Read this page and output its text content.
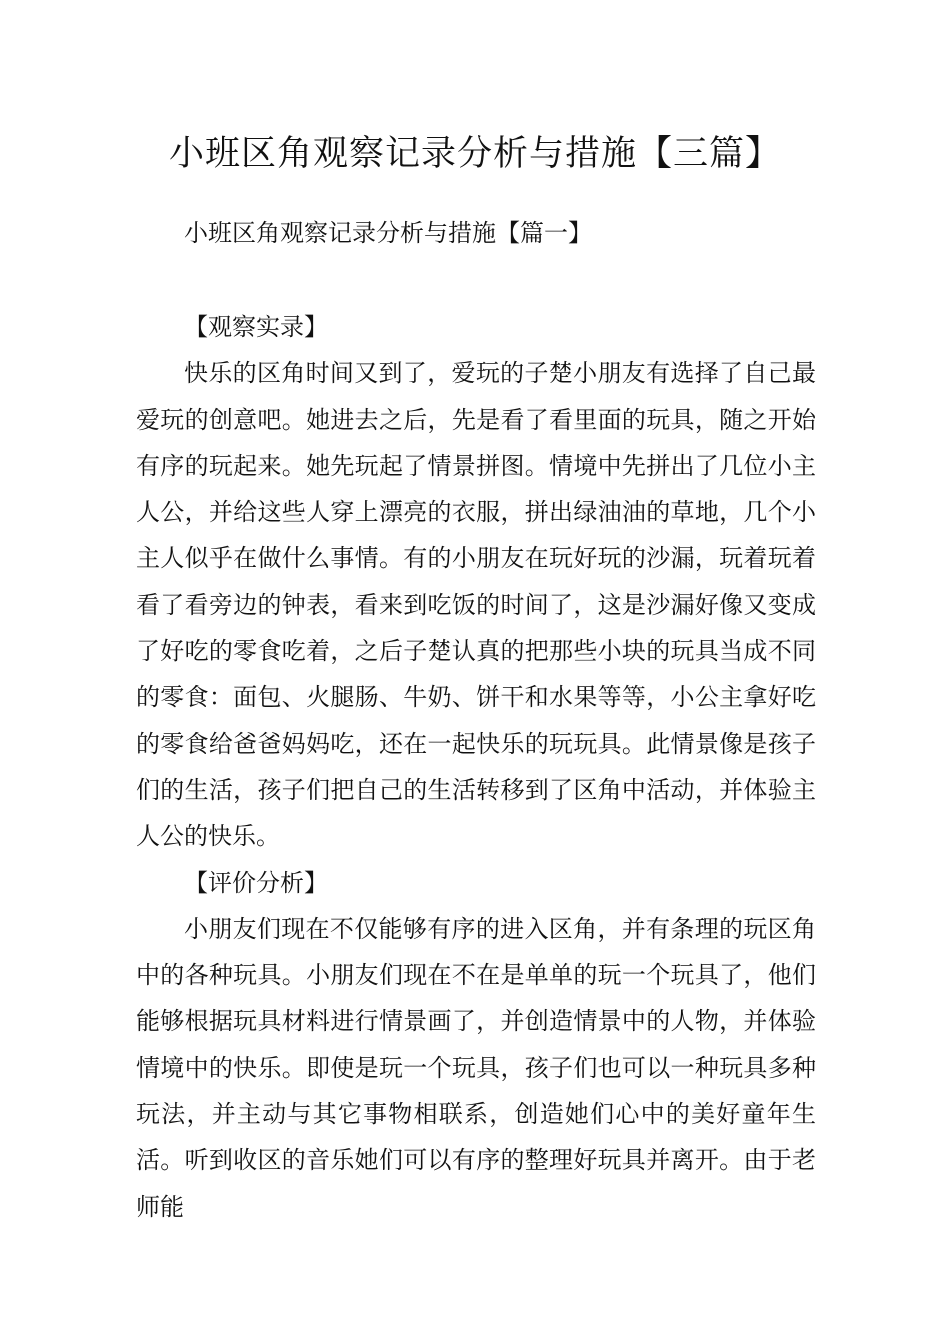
小班区角观察记录分析与措施【三篇】

小班区角观察记录分析与措施【篇一】

【观察实录】

快乐的区角时间又到了，爱玩的子楚小朋友有选择了自己最爱玩的创意吧。她进去之后，先是看了看里面的玩具，随之开始有序的玩起来。她先玩起了情景拼图。情境中先拼出了几位小主人公，并给这些人穿上漂亮的衣服，拼出绿油油的草地，几个小主人似乎在做什么事情。有的小朋友在玩好玩的沙漏，玩着玩着看了看旁边的钟表，看来到吃饭的时间了，这是沙漏好像又变成了好吃的零食吃着，之后子楚认真的把那些小块的玩具当成不同的零食：面包、火腿肠、牛奶、饼干和水果等等，小公主拿好吃的零食给爸爸妈妈吃，还在一起快乐的玩玩具。此情景像是孩子们的生活，孩子们把自己的生活转移到了区角中活动，并体验主人公的快乐。

【评价分析】

小朋友们现在不仅能够有序的进入区角，并有条理的玩区角中的各种玩具。小朋友们现在不在是单单的玩一个玩具了，他们能够根据玩具材料进行情景画了，并创造情景中的人物，并体验情境中的快乐。即使是玩一个玩具，孩子们也可以一种玩具多种玩法，并主动与其它事物相联系，创造她们心中的美好童年生活。听到收区的音乐她们可以有序的整理好玩具并离开。由于老师能
